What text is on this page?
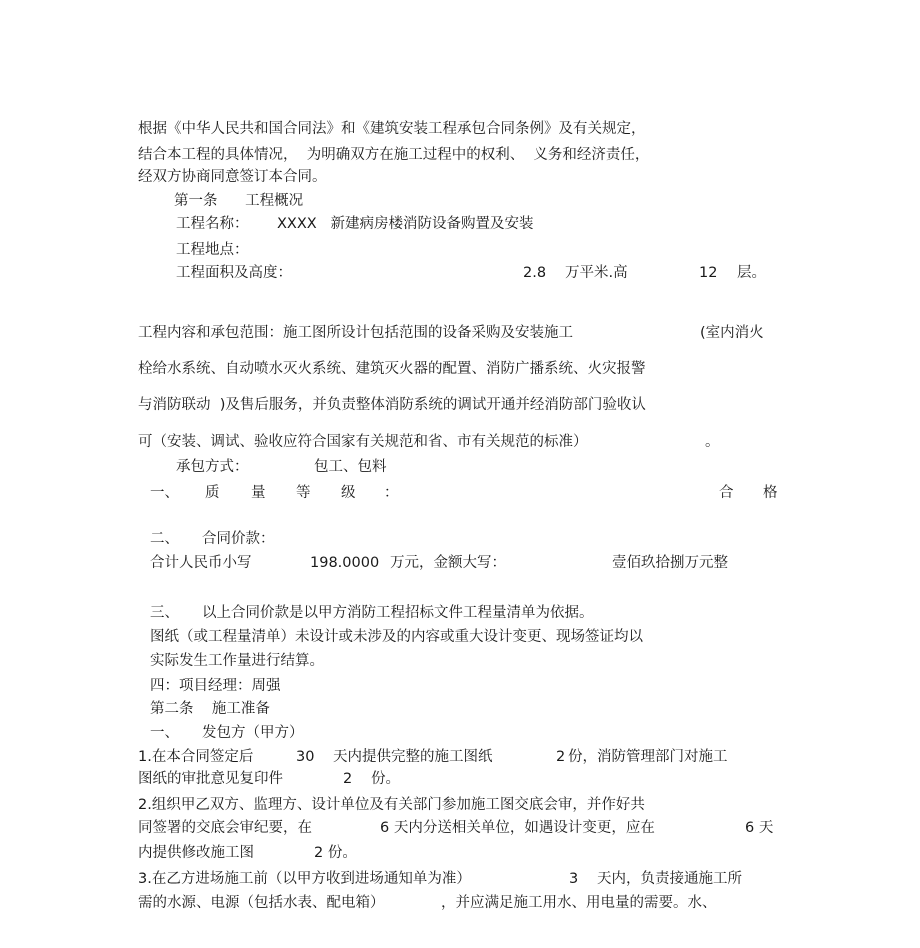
根据《中华人民共和国合同法》和《建筑安装工程承包合同条例》及有关规定，
结合本工程的具体情况，  为明确双方在施工过程中的权利、  义务和经济责任，
经双方协商同意签订本合同。
第一条      工程概况
工程名称： XXXX   新建病房楼消防设备购置及安装
工程地点：
工程面积及高度：	2.8 万平米.高	12 层。
工程内容和承包范围：施工图所设计包括范围的设备采购及安装施工	(室内消火
栓给水系统、自动喷水灭火系统、建筑灭火器的配置、消防广播系统、火灾报警
与消防联动  )及售后服务，并负责整体消防系统的调试开通并经消防部门验收认
可（安装、调试、验收应符合国家有关规范和省、市有关规范的标准）	。
承包方式：	包工、包料
一、 质 量 等 级 ：	合 格
二、     合同价款：
合计人民币小写	198.0000 万元，金额大写：	壹佰玖拾捌万元整
三、     以上合同价款是以甲方消防工程招标文件工程量清单为依据。
图纸（或工程量清单）未设计或未涉及的内容或重大设计变更、现场签证均以
实际发生工作量进行结算。
四：项目经理：周强
第二条    施工准备
一、     发包方（甲方）
1.在本合同签定后	30 天内提供完整的施工图纸	2 份，消防管理部门对施工
图纸的审批意见复印件	2 份。
2.组织甲乙双方、监理方、设计单位及有关部门参加施工图交底会审，并作好共
同签署的交底会审纪要，在	6 天内分送相关单位，如遇设计变更，应在	6 天
内提供修改施工图	2 份。
3.在乙方进场施工前（以甲方收到进场通知单为准）	3 天内，负责接通施工所
需的水源、电源（包括水表、配电箱）	，并应满足施工用水、用电量的需要。水、
